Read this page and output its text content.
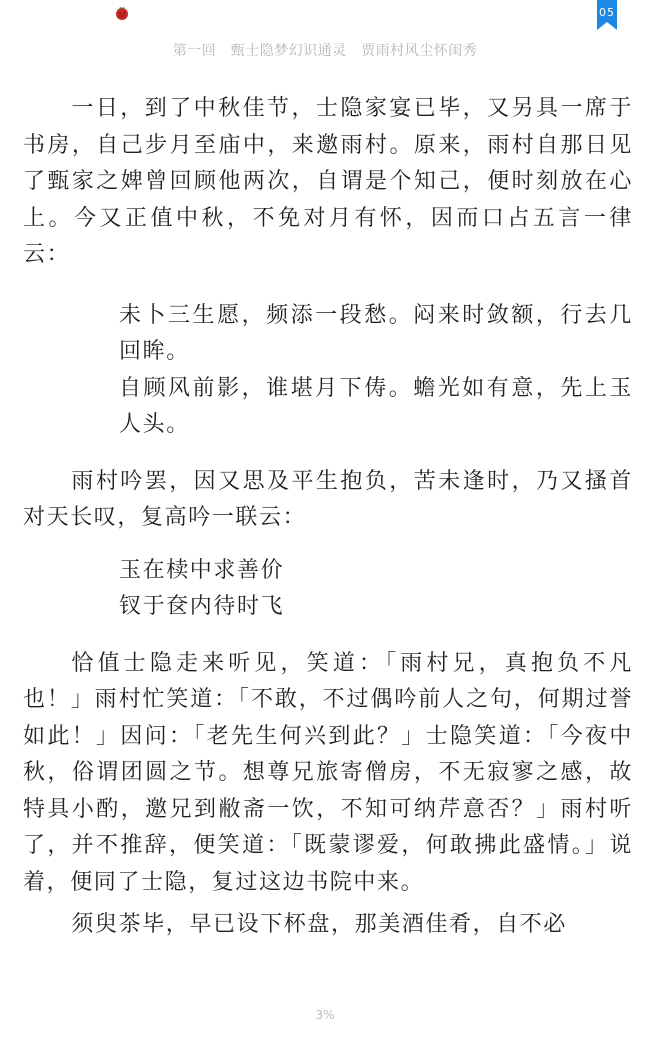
05
第一回　甄士隐梦幻识通灵　贾雨村风尘怀闺秀

一日，到了中秋佳节，士隐家宴已毕，又另具一席于书房，自己步月至庙中，来邀雨村。原来，雨村自那日见了甄家之婢曾回顾他两次，自谓是个知己，便时刻放在心上。今又正值中秋，不免对月有怀，因而口占五言一律云：

未卜三生愿，频添一段愁。闷来时敛额，行去几回眸。

自顾风前影，谁堪月下俦。蟾光如有意，先上玉人头。

雨村吟罢，因又思及平生抱负，苦未逢时，乃又搔首对天长叹，复高吟一联云：

玉在椟中求善价

钗于奁内待时飞

恰值士隐走来听见，笑道：「雨村兄，真抱负不凡也！」雨村忙笑道：「不敢，不过偶吟前人之句，何期过誉如此！」因问：「老先生何兴到此？」士隐笑道：「今夜中秋，俗谓团圆之节。想尊兄旅寄僧房，不无寂寥之感，故特具小酌，邀兄到敝斋一饮，不知可纳芹意否？」雨村听了，并不推辞，便笑道：「既蒙谬爱，何敢拂此盛情。」说着，便同了士隐，复过这边书院中来。

须臾茶毕，早已设下杯盘，那美酒佳肴，自不必

3%
